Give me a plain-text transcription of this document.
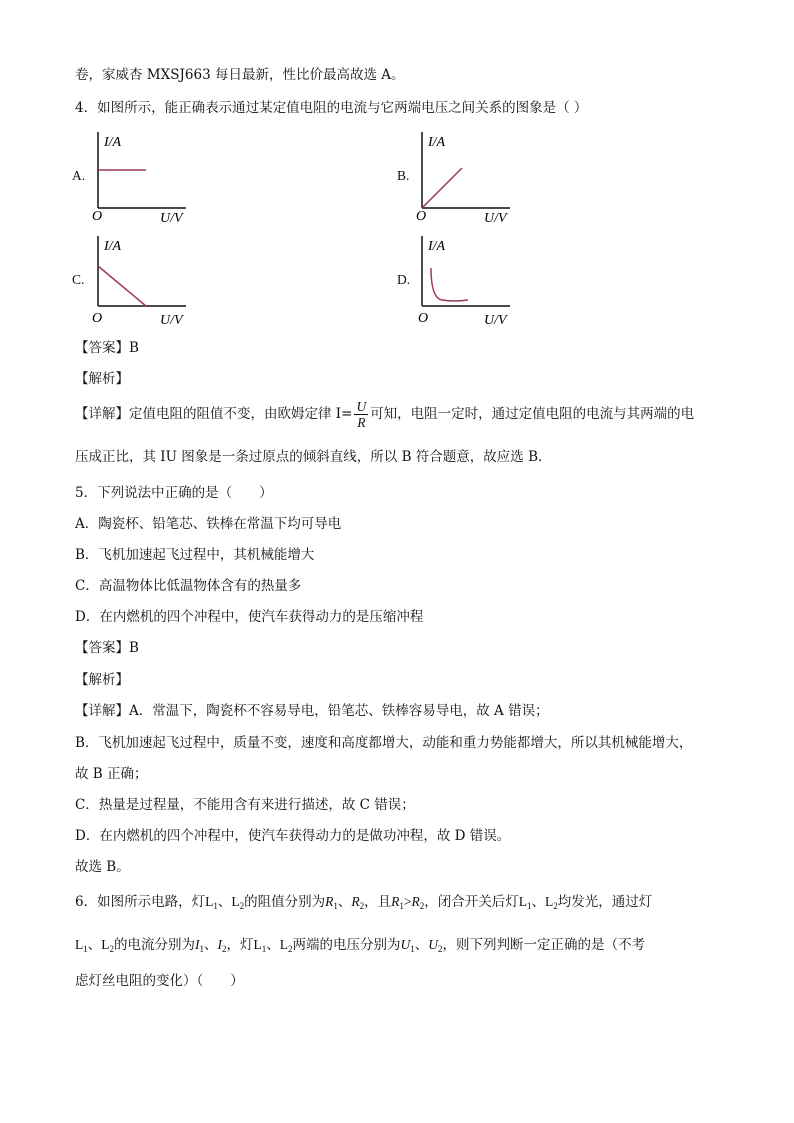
卷，家威杏 MXSJ663 每日最新，性比价最高故选 A。
4．如图所示，能正确表示通过某定值电阻的电流与它两端电压之间关系的图象是（ ）
A.
I/A
O	U/V
B.
I/A
O	U/V
C.
I/A
O	U/V
D.
I/A
O	U/V
【答案】B
【解析】
【详解】定值电阻的阻值不变，由欧姆定律 $I= \frac{U}{R}$ 可知，电阻一定时，通过定值电阻的电流与其两端的电
压成正比，其 IU 图象是一条过原点的倾斜直线，所以 B 符合题意，故应选 B．
5．下列说法中正确的是（　　）
A．陶瓷杯、铅笔芯、铁棒在常温下均可导电
B．飞机加速起飞过程中，其机械能增大
C．高温物体比低温物体含有的热量多
D．在内燃机的四个冲程中，使汽车获得动力的是压缩冲程
【答案】B
【解析】
【详解】A．常温下，陶瓷杯不容易导电，铅笔芯、铁棒容易导电，故 A 错误；
B．飞机加速起飞过程中，质量不变，速度和高度都增大，动能和重力势能都增大，所以其机械能增大，
故 B 正确；
C．热量是过程量，不能用含有来进行描述，故 C 错误；
D．在内燃机的四个冲程中，使汽车获得动力的是做功冲程，故 D 错误。
故选 B。
6．如图所示电路，灯$L_1$、$L_2$的阻值分别为$R_1$、$R_2$，且$R_1>R_2$，闭合开关后灯$L_1$、$L_2$均发光，通过灯
$L_1$、$L_2$的电流分别为$I_1$、$I_2$，灯$L_1$、$L_2$两端的电压分别为$U_1$、$U_2$，则下列判断一定正确的是（不考
虑灯丝电阻的变化）（　　）
